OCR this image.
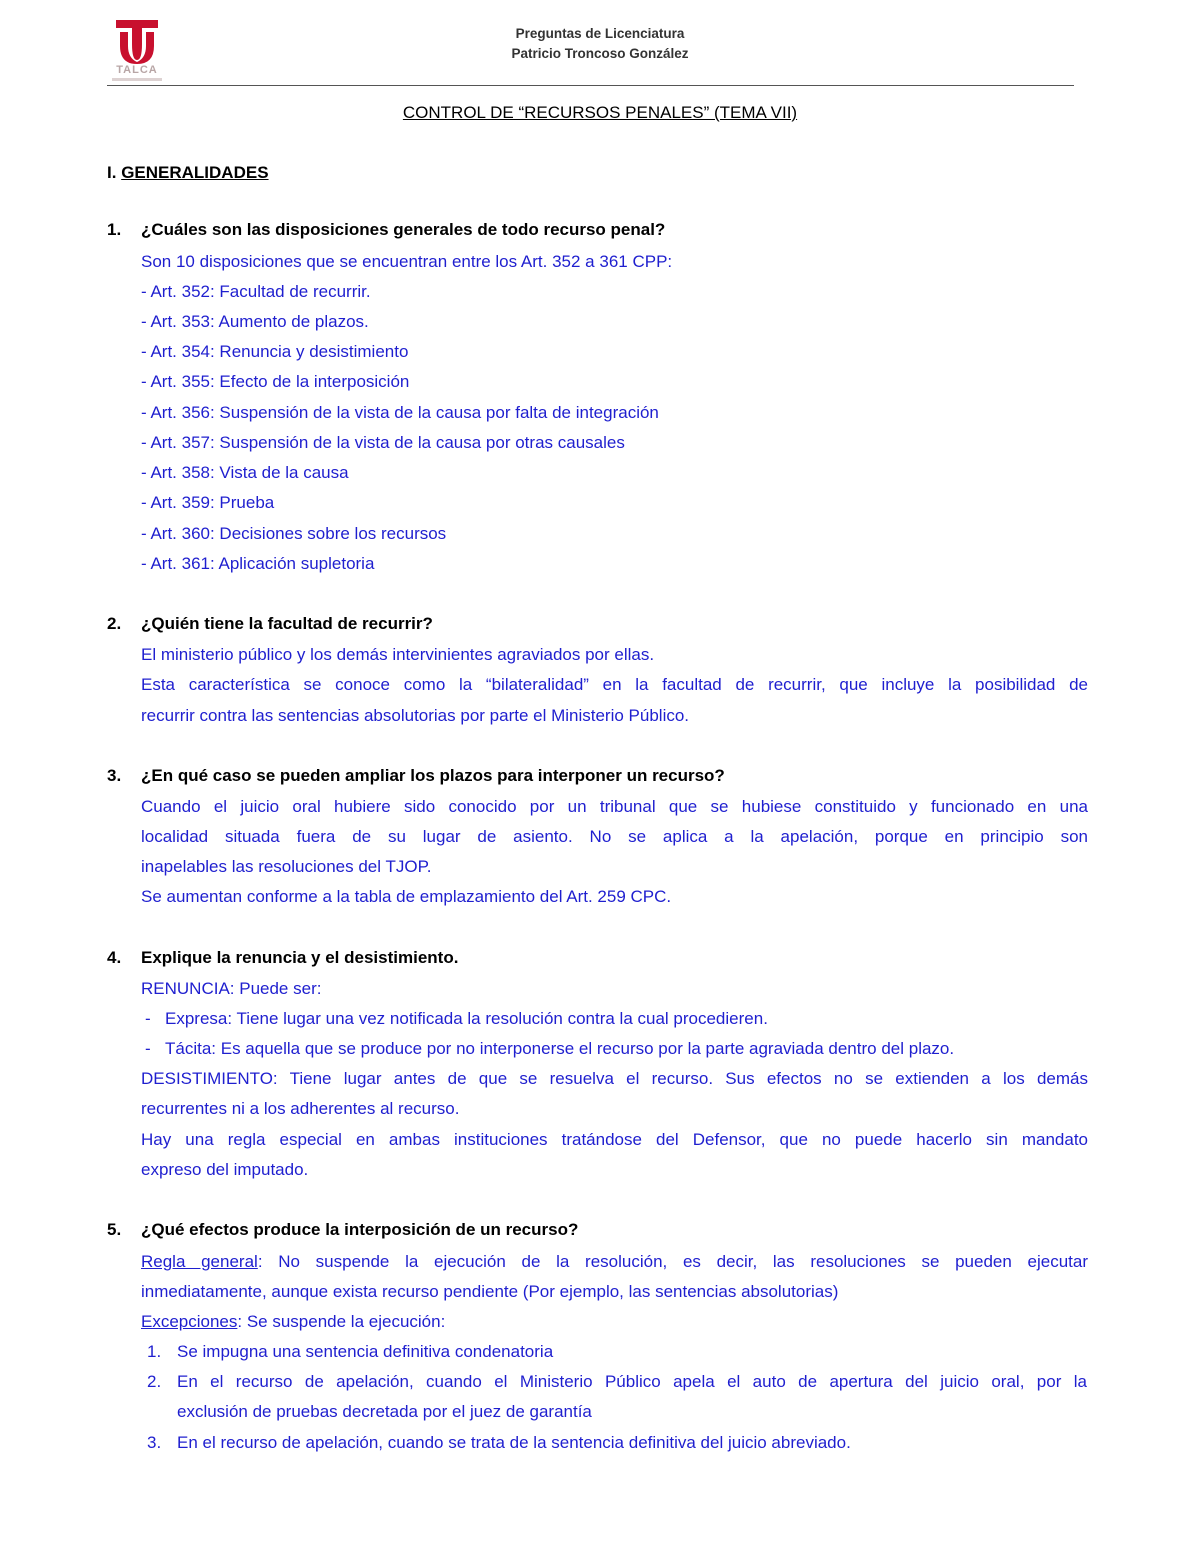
TALCA
Preguntas de Licenciatura
Patricio Troncoso González
CONTROL DE “RECURSOS PENALES” (TEMA VII)
I. GENERALIDADES
1. ¿Cuáles son las disposiciones generales de todo recurso penal?
Son 10 disposiciones que se encuentran entre los Art. 352 a 361 CPP:
- Art. 352: Facultad de recurrir.
- Art. 353: Aumento de plazos.
- Art. 354: Renuncia y desistimiento
- Art. 355: Efecto de la interposición
- Art. 356: Suspensión de la vista de la causa por falta de integración
- Art. 357: Suspensión de la vista de la causa por otras causales
- Art. 358: Vista de la causa
- Art. 359: Prueba
- Art. 360: Decisiones sobre los recursos
- Art. 361: Aplicación supletoria
2. ¿Quién tiene la facultad de recurrir?
El ministerio público y los demás intervinientes agraviados por ellas.
Esta característica se conoce como la “bilateralidad” en la facultad de recurrir, que incluye la posibilidad de
recurrir contra las sentencias absolutorias por parte el Ministerio Público.
3. ¿En qué caso se pueden ampliar los plazos para interponer un recurso?
Cuando el juicio oral hubiere sido conocido por un tribunal que se hubiese constituido y funcionado en una
localidad situada fuera de su lugar de asiento. No se aplica a la apelación, porque en principio son
inapelables las resoluciones del TJOP.
Se aumentan conforme a la tabla de emplazamiento del Art. 259 CPC.
4. Explique la renuncia y el desistimiento.
RENUNCIA: Puede ser:
- Expresa: Tiene lugar una vez notificada la resolución contra la cual procedieren.
- Tácita: Es aquella que se produce por no interponerse el recurso por la parte agraviada dentro del plazo.
DESISTIMIENTO: Tiene lugar antes de que se resuelva el recurso. Sus efectos no se extienden a los demás
recurrentes ni a los adherentes al recurso.
Hay una regla especial en ambas instituciones tratándose del Defensor, que no puede hacerlo sin mandato
expreso del imputado.
5. ¿Qué efectos produce la interposición de un recurso?
Regla general: No suspende la ejecución de la resolución, es decir, las resoluciones se pueden ejecutar
inmediatamente, aunque exista recurso pendiente (Por ejemplo, las sentencias absolutorias)
Excepciones: Se suspende la ejecución:
1. Se impugna una sentencia definitiva condenatoria
2. En el recurso de apelación, cuando el Ministerio Público apela el auto de apertura del juicio oral, por la
exclusión de pruebas decretada por el juez de garantía
3. En el recurso de apelación, cuando se trata de la sentencia definitiva del juicio abreviado.
